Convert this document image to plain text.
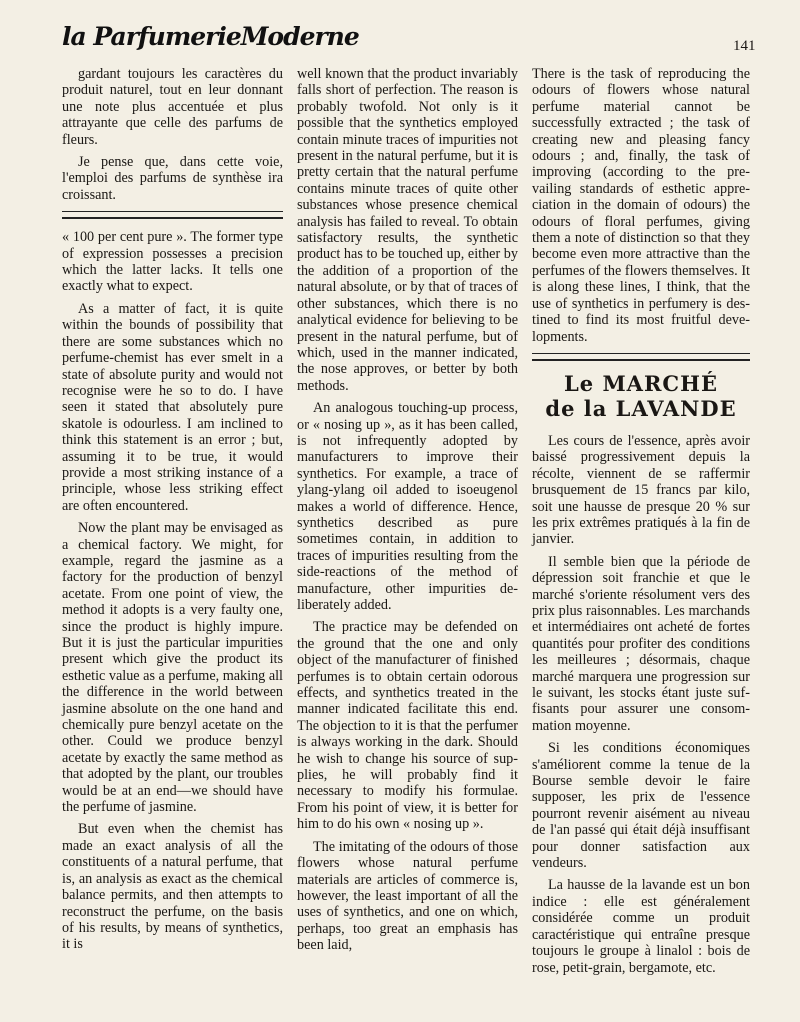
la ParfumerieModerne	141

gardant toujours les caractères du produit naturel, tout en leur donnant une note plus accentuée et plus attrayante que celle des parfums de fleurs.

Je pense que, dans cette voie, l'emploi des parfums de synthèse ira croissant.

« 100 per cent pure ». The former type of expression possesses a precision which the latter lacks. It tells one exactly what to expect.

As a matter of fact, it is quite within the bounds of possibility that there are some substances which no perfume-chemist has ever smelt in a state of absolute purity and would not recognise were he so to do. I have seen it stated that absolutely pure skatole is odourless. I am inclined to think this statement is an error ; but, assuming it to be true, it would provide a most striking instance of a principle, whose less striking effect are often encountered.

Now the plant may be envisaged as a chemical factory. We might, for example, regard the jasmine as a factory for the production of benzyl acetate. From one point of view, the method it adopts is a very faulty one, since the product is highly impure. But it is just the particular impurities present which give the product its esthetic value as a perfume, making all the difference in the world between jasmine absolute on the one hand and chemically pure benzyl acetate on the other. Could we produce benzyl acetate by exactly the same method as that adopted by the plant, our troubles would be at an end—we should have the perfume of jasmine.

But even when the chemist has made an exact analysis of all the constituents of a natural perfume, that is, an analysis as exact as the chemical balance permits, and then attempts to reconstruct the perfume, on the basis of his results, by means of synthetics, it is

well known that the product invariably falls short of perfection. The reason is probably twofold. Not only is it possible that the synthetics employed contain minute traces of impurities not present in the natural perfume, but it is pretty certain that the natural perfume contains minute traces of quite other substances whose presence chemical analysis has failed to reveal. To obtain satisfactory results, the synthetic product has to be touched up, either by the addition of a proportion of the natural absolute, or by that of traces of other substances, which there is no analytical evidence for believing to be present in the natural perfume, but of which, used in the manner indicated, the nose approves, or better by both methods.

An analogous touching-up process, or « nosing up », as it has been called, is not infrequently adopted by manufacturers to improve their synthetics. For example, a trace of ylang-ylang oil added to isoeugenol makes a world of difference. Hence, synthetics described as pure sometimes contain, in addition to traces of impurities resulting from the side-reactions of the method of manufacture, other impurities deliberately added.

The practice may be defended on the ground that the one and only object of the manufacturer of finished perfumes is to obtain certain odorous effects, and synthetics treated in the manner indicated facilitate this end. The objection to it is that the perfumer is always working in the dark. Should he wish to change his source of supplies, he will probably find it necessary to modify his formulae. From his point of view, it is better for him to do his own « nosing up ».

The imitating of the odours of those flowers whose natural perfume materials are articles of commerce is, however, the least important of all the uses of synthetics, and one on which, perhaps, too great an emphasis has been laid,

There is the task of reproducing the odours of flowers whose natural perfume material cannot be successfully extracted ; the task of creating new and pleasing fancy odours ; and, finally, the task of improving (according to the prevailing standards of esthetic appreciation in the domain of odours) the odours of floral perfumes, giving them a note of distinction so that they become even more attractive than the perfumes of the flowers themselves. It is along these lines, I think, that the use of synthetics in perfumery is destined to find its most fruitful developments.

Le MARCHÉ
de la LAVANDE

Les cours de l'essence, après avoir baissé progressivement depuis la récolte, viennent de se raffermir brusquement de 15 francs par kilo, soit une hausse de presque 20 % sur les prix extrêmes pratiqués à la fin de janvier.

Il semble bien que la période de dépression soit franchie et que le marché s'oriente résolument vers des prix plus raisonnables. Les marchands et intermédiaires ont acheté de fortes quantités pour profiter des conditions les meilleures ; désormais, chaque marché marquera une progression sur le suivant, les stocks étant juste suffisants pour assurer une consommation moyenne.

Si les conditions économiques s'améliorent comme la tenue de la Bourse semble devoir le faire supposer, les prix de l'essence pourront revenir aisément au niveau de l'an passé qui était déjà insuffisant pour donner satisfaction aux vendeurs.

La hausse de la lavande est un bon indice : elle est généralement considérée comme un produit caractéristique qui entraîne presque toujours le groupe à linalol : bois de rose, petit-grain, bergamote, etc.
